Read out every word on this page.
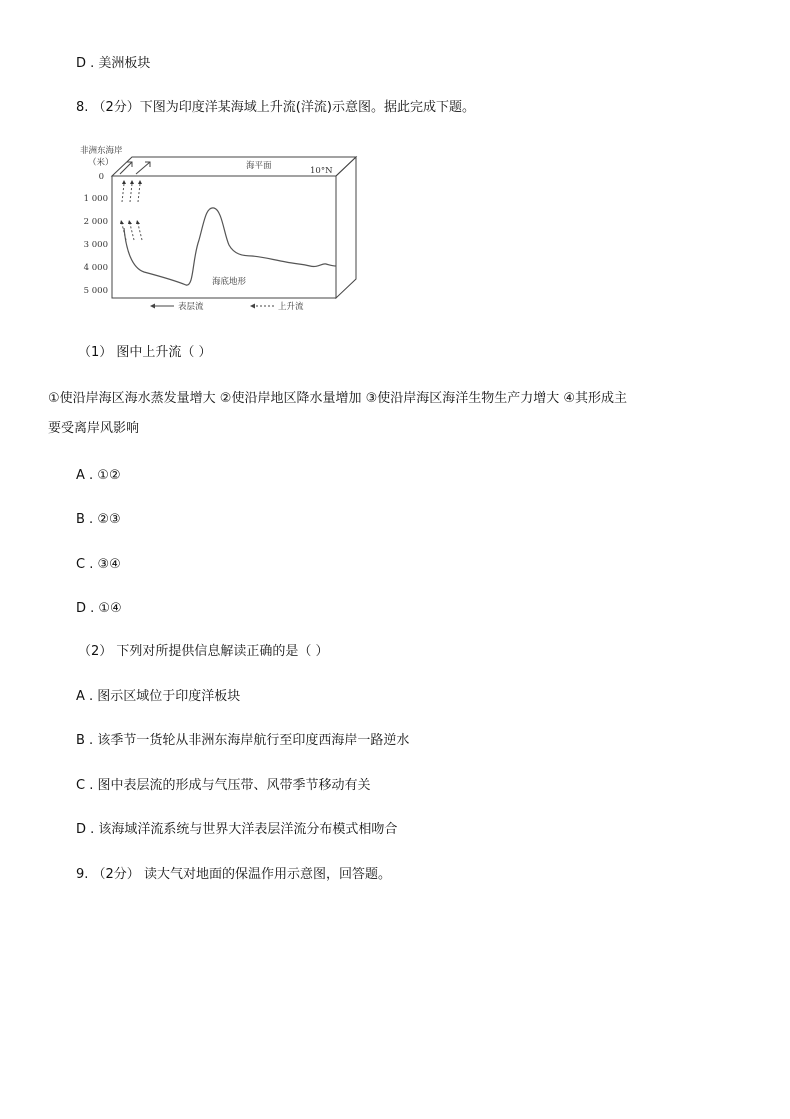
D . 美洲板块
8. （2分）下图为印度洋某海域上升流(洋流)示意图。据此完成下题。
非洲东海岸
（米）
0
1 000
2 000
3 000
4 000
5 000
海平面	10°N
海底地形
表层流	上升流
（1） 图中上升流（ ）
①使沿岸海区海水蒸发量增大 ②使沿岸地区降水量增加 ③使沿岸海区海洋生物生产力增大 ④其形成主
要受离岸风影响
A . ①②
B . ②③
C . ③④
D . ①④
（2） 下列对所提供信息解读正确的是（ ）
A . 图示区域位于印度洋板块
B . 该季节一货轮从非洲东海岸航行至印度西海岸一路逆水
C . 图中表层流的形成与气压带、风带季节移动有关
D . 该海域洋流系统与世界大洋表层洋流分布模式相吻合
9. （2分） 读大气对地面的保温作用示意图，回答题。
